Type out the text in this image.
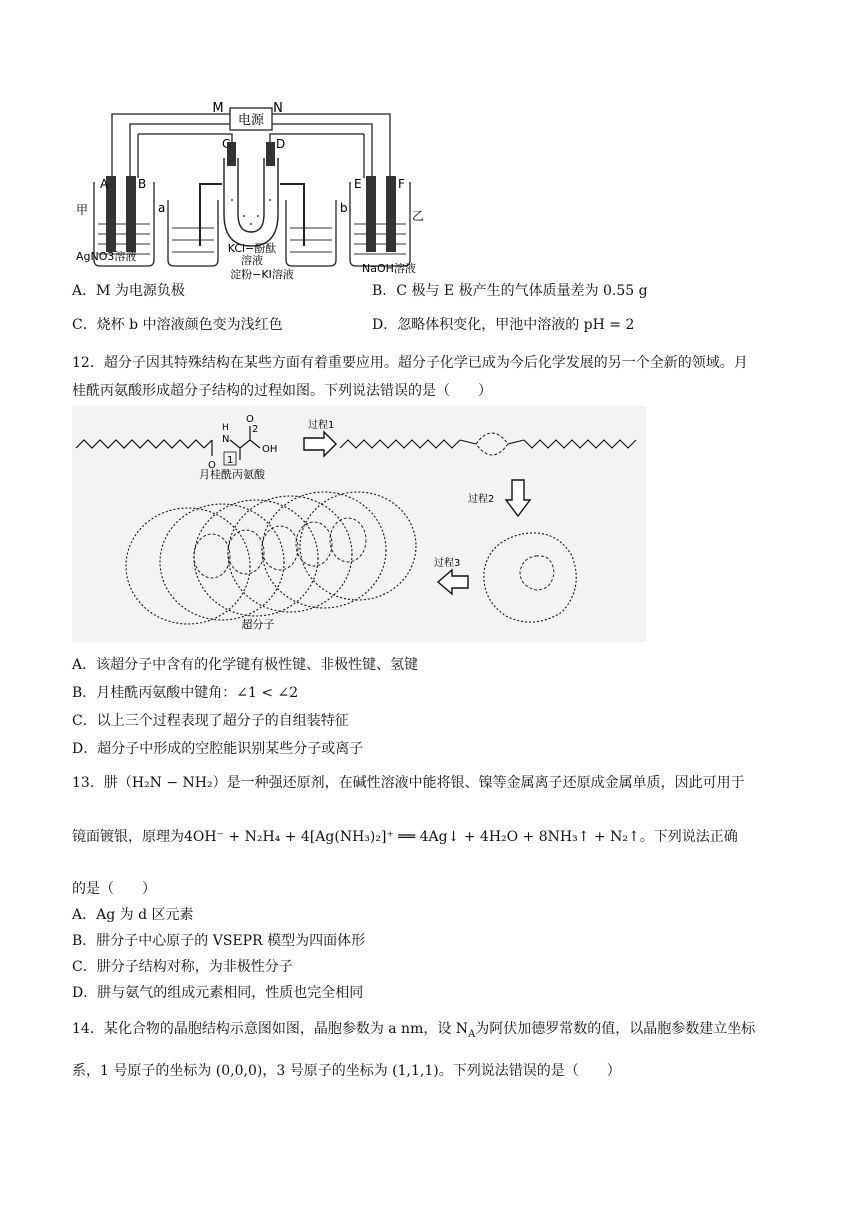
电源
M	N
A B
甲
AgNO3溶液
a
C	D
KCl−酚酞
溶液
b
淀粉−KI溶液
E	F
乙
NaOH溶液
A．M 为电源负极	B．C 极与 E 极产生的气体质量差为 0.55 g
C．烧杯 b 中溶液颜色变为浅红色	D．忽略体积变化，甲池中溶液的 pH = 2
12．超分子因其特殊结构在某些方面有着重要应用。超分子化学已成为今后化学发展的另一个全新的领域。月
桂酰丙氨酸形成超分子结构的过程如图。下列说法错误的是（　　）
O
N
H
O
OH
1
2
月桂酰丙氨酸
过程1
过程2
过程3
超分子
A．该超分子中含有的化学键有极性键、非极性键、氢键
B．月桂酰丙氨酸中键角：∠1 < ∠2
C．以上三个过程表现了超分子的自组装特征
D．超分子中形成的空腔能识别某些分子或离子
13．肼（H₂N − NH₂）是一种强还原剂，在碱性溶液中能将银、镍等金属离子还原成金属单质，因此可用于
镜面镀银，原理为4OH⁻ + N₂H₄ + 4[Ag(NH₃)₂]⁺ ══ 4Ag↓ + 4H₂O + 8NH₃↑ + N₂↑。下列说法正确
的是（　　）
A．Ag 为 d 区元素
B．肼分子中心原子的 VSEPR 模型为四面体形
C．肼分子结构对称，为非极性分子
D．肼与氨气的组成元素相同，性质也完全相同
14．某化合物的晶胞结构示意图如图，晶胞参数为 a nm，设 $N_A$为阿伏加德罗常数的值，以晶胞参数建立坐标
系，1 号原子的坐标为 (0,0,0)，3 号原子的坐标为 (1,1,1)。下列说法错误的是（　　）
